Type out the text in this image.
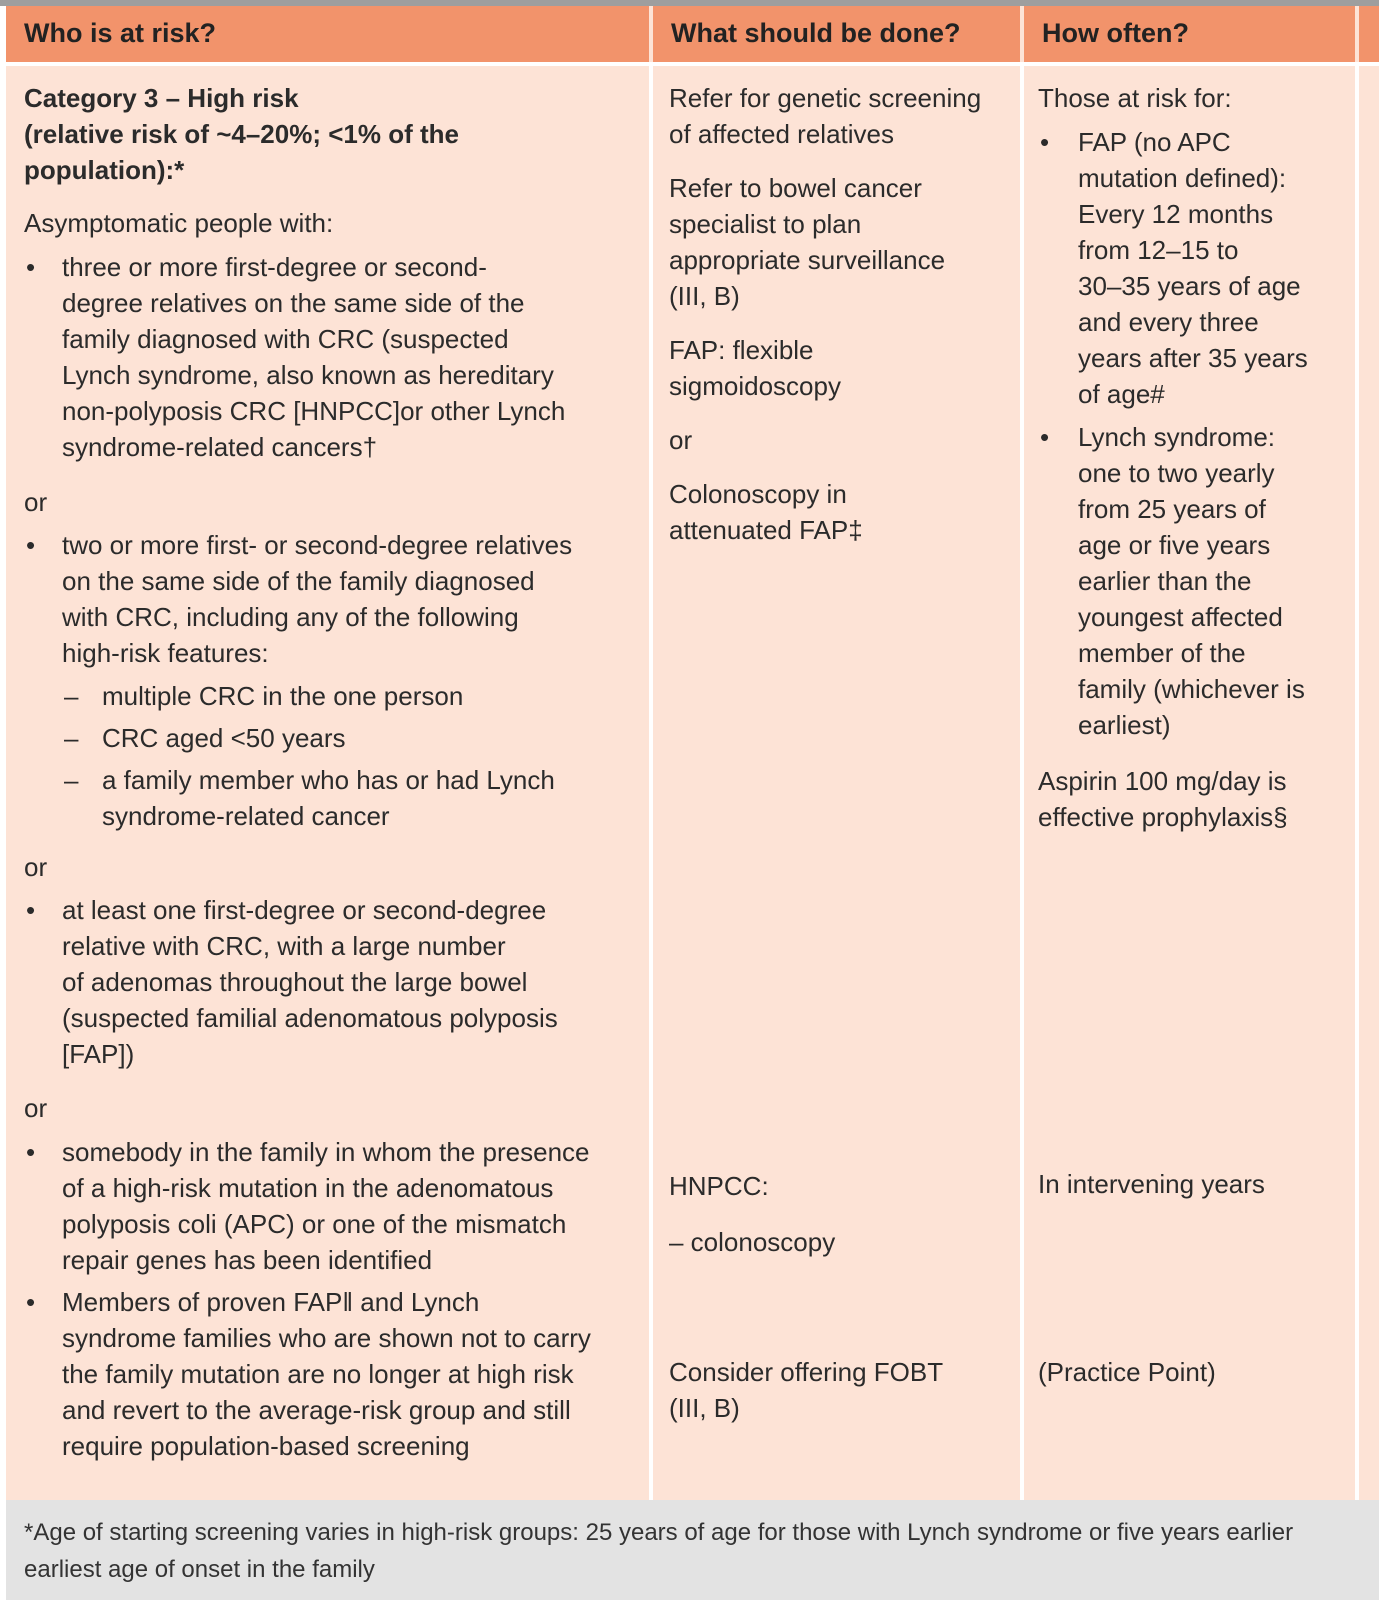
Who is at risk?	What should be done?	How often?

Category 3 – High risk

(relative risk of ~4–20%; <1% of the

population):*

Asymptomatic people with:

• three or more first-degree or second-

degree relatives on the same side of the

family diagnosed with CRC (suspected

Lynch syndrome, also known as hereditary

non-polyposis CRC [HNPCC]or other Lynch

syndrome-related cancers†

or

• two or more first- or second-degree relatives

on the same side of the family diagnosed

with CRC, including any of the following

high-risk features:

– multiple CRC in the one person

– CRC aged <50 years

– a family member who has or had Lynch

syndrome-related cancer

or

• at least one first-degree or second-degree

relative with CRC, with a large number

of adenomas throughout the large bowel

(suspected familial adenomatous polyposis

[FAP])

or

• somebody in the family in whom the presence

of a high-risk mutation in the adenomatous

polyposis coli (APC) or one of the mismatch

repair genes has been identified

• Members of proven FAP‖ and Lynch

syndrome families who are shown not to carry

the family mutation are no longer at high risk

and revert to the average-risk group and still

require population-based screening

Refer for genetic screening

of affected relatives

Refer to bowel cancer

specialist to plan

appropriate surveillance

(III, B)

FAP: flexible

sigmoidoscopy

or

Colonoscopy in

attenuated FAP‡

HNPCC:

– colonoscopy

Consider offering FOBT

(III, B)

Those at risk for:

• FAP (no APC

mutation defined):

Every 12 months

from 12–15 to

30–35 years of age

and every three

years after 35 years

of age#

• Lynch syndrome:

one to two yearly

from 25 years of

age or five years

earlier than the

youngest affected

member of the

family (whichever is

earliest)

Aspirin 100 mg/day is

effective prophylaxis§

In intervening years

(Practice Point)

*Age of starting screening varies in high-risk groups: 25 years of age for those with Lynch syndrome or five years earlier
earliest age of onset in the family
